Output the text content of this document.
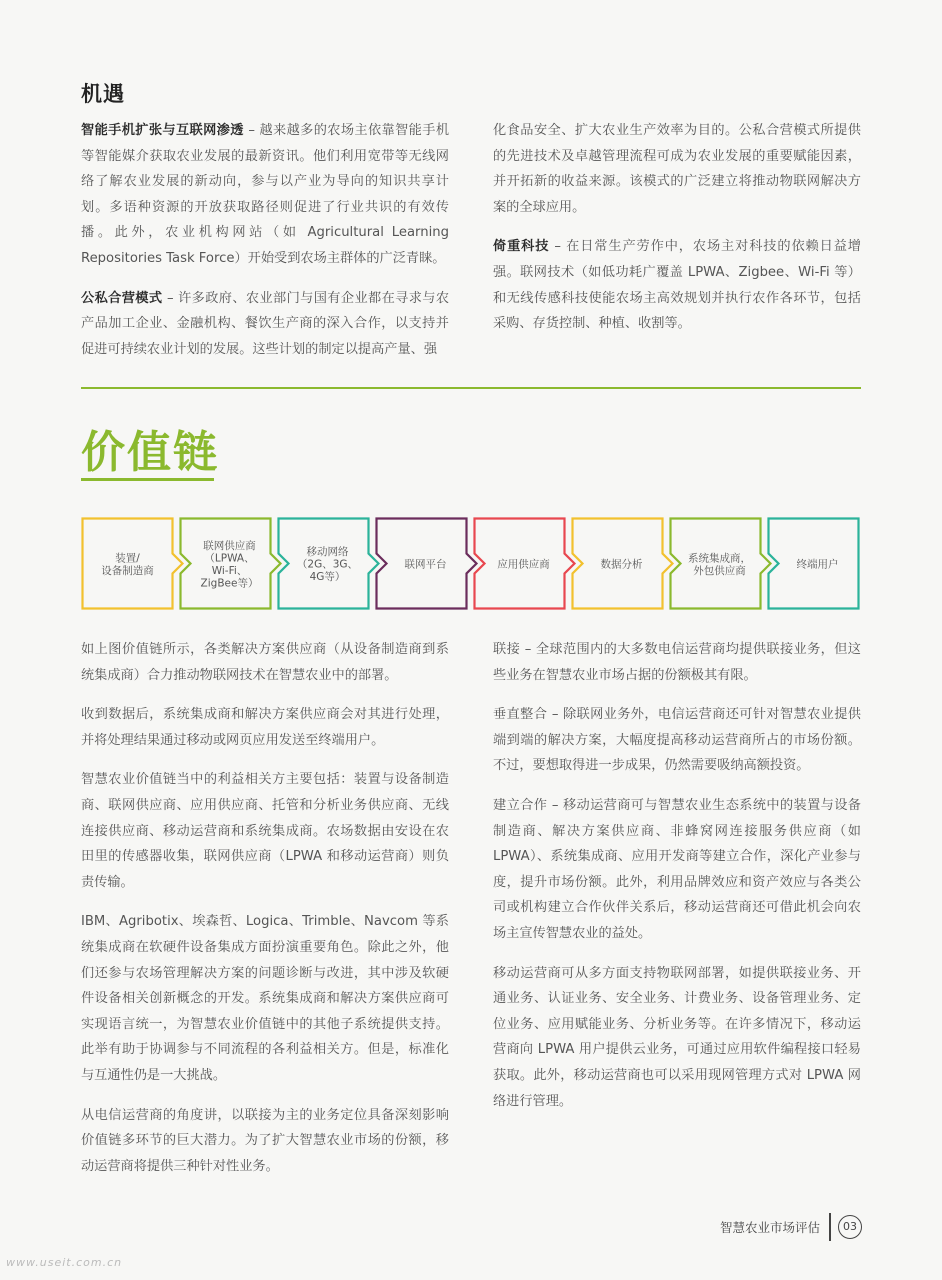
机遇

智能手机扩张与互联网渗透 – 越来越多的农场主依靠智能手机等智能媒介获取农业发展的最新资讯。他们利用宽带等无线网络了解农业发展的新动向，参与以产业为导向的知识共享计划。多语种资源的开放获取路径则促进了行业共识的有效传播。此外，农业机构网站（如 Agricultural Learning Repositories Task Force）开始受到农场主群体的广泛青睐。

公私合营模式 – 许多政府、农业部门与国有企业都在寻求与农产品加工企业、金融机构、餐饮生产商的深入合作，以支持并促进可持续农业计划的发展。这些计划的制定以提高产量、强

化食品安全、扩大农业生产效率为目的。公私合营模式所提供的先进技术及卓越管理流程可成为农业发展的重要赋能因素，并开拓新的收益来源。该模式的广泛建立将推动物联网解决方案的全球应用。

倚重科技 – 在日常生产劳作中，农场主对科技的依赖日益增强。联网技术（如低功耗广覆盖 LPWA、Zigbee、Wi-Fi 等）和无线传感科技使能农场主高效规划并执行农作各环节，包括采购、存货控制、种植、收割等。

价值链
装置/设备制造商
联网供应商（LPWA、 Wi-Fi、 ZigBee等）
移动网络（2G、3G、 4G等）
联网平台	应用供应商	数据分析
系统集成商，外包供应商
终端用户

如上图价值链所示，各类解决方案供应商（从设备制造商到系统集成商）合力推动物联网技术在智慧农业中的部署。

收到数据后，系统集成商和解决方案供应商会对其进行处理，并将处理结果通过移动或网页应用发送至终端用户。

智慧农业价值链当中的利益相关方主要包括：装置与设备制造商、联网供应商、应用供应商、托管和分析业务供应商、无线连接供应商、移动运营商和系统集成商。农场数据由安设在农田里的传感器收集，联网供应商（LPWA 和移动运营商）则负责传输。

IBM、Agribotix、埃森哲、Logica、Trimble、Navcom 等系统集成商在软硬件设备集成方面扮演重要角色。除此之外，他们还参与农场管理解决方案的问题诊断与改进，其中涉及软硬件设备相关创新概念的开发。系统集成商和解决方案供应商可实现语言统一，为智慧农业价值链中的其他子系统提供支持。此举有助于协调参与不同流程的各利益相关方。但是，标准化与互通性仍是一大挑战。

从电信运营商的角度讲，以联接为主的业务定位具备深刻影响价值链多环节的巨大潜力。为了扩大智慧农业市场的份额，移动运营商将提供三种针对性业务。

联接 – 全球范围内的大多数电信运营商均提供联接业务，但这些业务在智慧农业市场占据的份额极其有限。

垂直整合 – 除联网业务外，电信运营商还可针对智慧农业提供端到端的解决方案，大幅度提高移动运营商所占的市场份额。不过，要想取得进一步成果，仍然需要吸纳高额投资。

建立合作 – 移动运营商可与智慧农业生态系统中的装置与设备制造商、解决方案供应商、非蜂窝网连接服务供应商（如 LPWA）、系统集成商、应用开发商等建立合作，深化产业参与度，提升市场份额。此外，利用品牌效应和资产效应与各类公司或机构建立合作伙伴关系后，移动运营商还可借此机会向农场主宣传智慧农业的益处。

移动运营商可从多方面支持物联网部署，如提供联接业务、开通业务、认证业务、安全业务、计费业务、设备管理业务、定位业务、应用赋能业务、分析业务等。在许多情况下，移动运营商向 LPWA 用户提供云业务，可通过应用软件编程接口轻易获取。此外，移动运营商也可以采用现网管理方式对 LPWA 网络进行管理。

智慧农业市场评估	03
www.useit.com.cn
